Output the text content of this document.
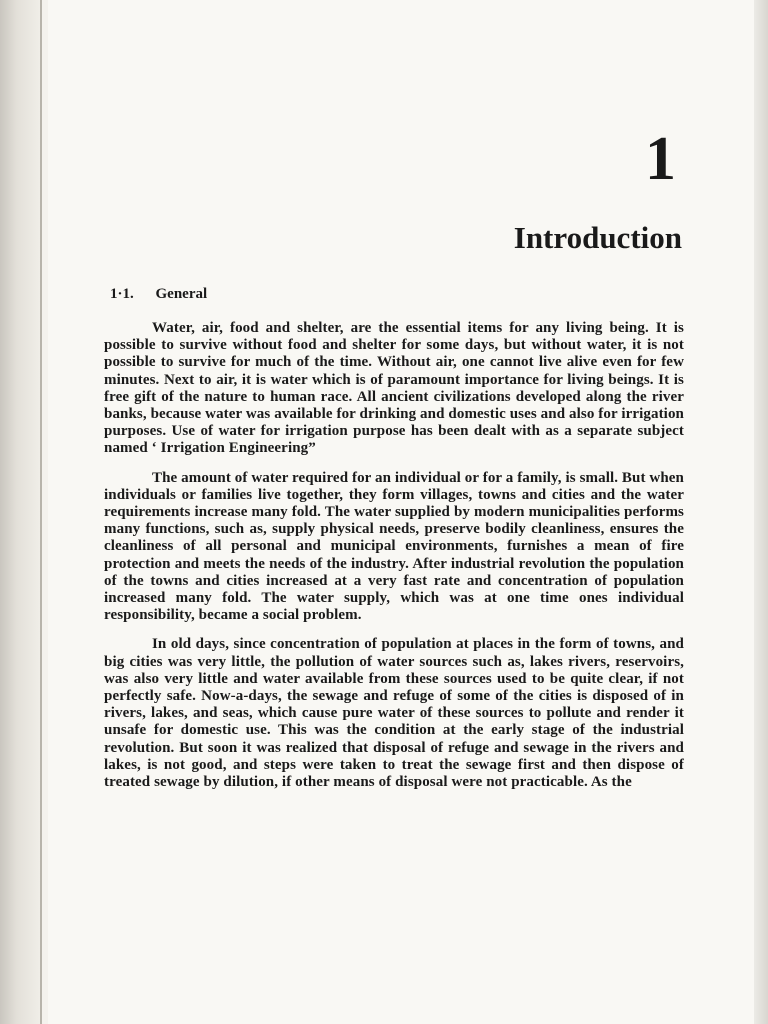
1
Introduction
1·1. General

Water, air, food and shelter, are the essential items for any living being. It is possible to survive without food and shelter for some days, but without water, it is not possible to survive for much of the time. Without air, one cannot live alive even for few minutes. Next to air, it is water which is of paramount importance for living beings. It is free gift of the nature to human race. All ancient civilizations developed along the river banks, because water was available for drinking and domestic uses and also for irrigation purposes. Use of water for irrigation purpose has been dealt with as a separate subject named ‘ Irrigation Engineering”

The amount of water required for an individual or for a family, is small. But when individuals or families live together, they form villages, towns and cities and the water requirements increase many fold. The water supplied by modern municipalities performs many functions, such as, supply physical needs, preserve bodily cleanliness, ensures the cleanliness of all personal and municipal environments, furnishes a mean of fire protection and meets the needs of the industry. After industrial revolution the population of the towns and cities increased at a very fast rate and concentration of population increased many fold. The water supply, which was at one time ones individual responsibility, became a social problem.

In old days, since concentration of population at places in the form of towns, and big cities was very little, the pollution of water sources such as, lakes rivers, reservoirs, was also very little and water available from these sources used to be quite clear, if not perfectly safe. Now-a-days, the sewage and refuge of some of the cities is disposed of in rivers, lakes, and seas, which cause pure water of these sources to pollute and render it unsafe for domestic use. This was the condition at the early stage of the industrial revolution. But soon it was realized that disposal of refuge and sewage in the rivers and lakes, is not good, and steps were taken to treat the sewage first and then dispose of treated sewage by dilution, if other means of disposal were not practicable. As the
